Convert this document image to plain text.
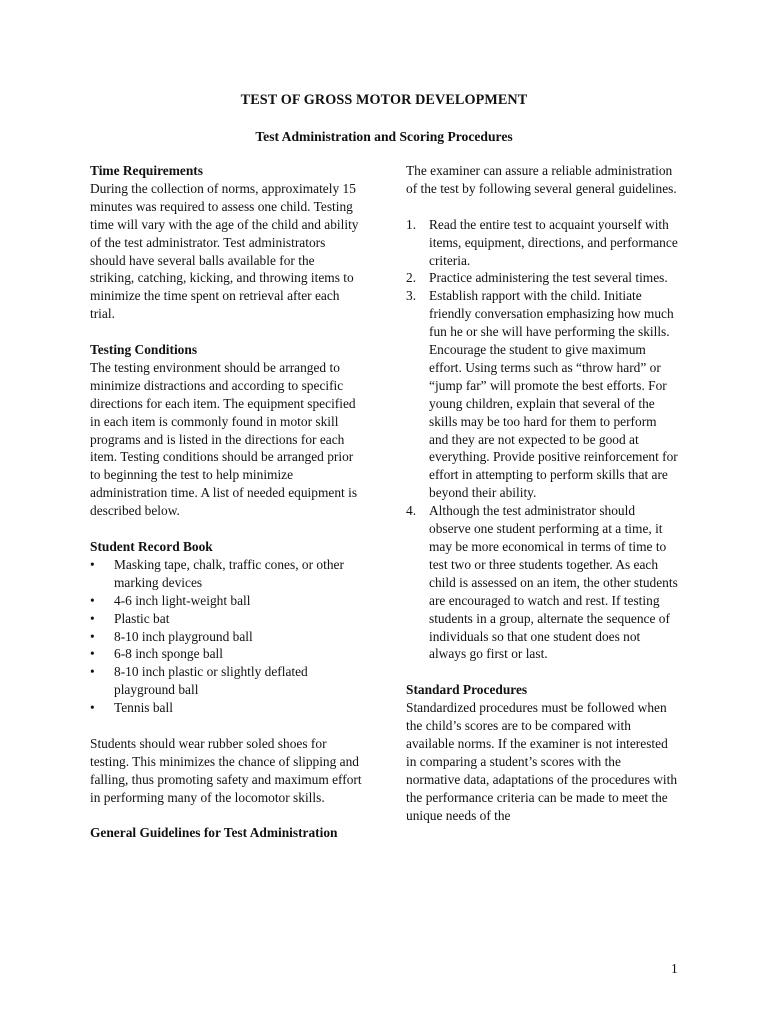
TEST OF GROSS MOTOR DEVELOPMENT
Test Administration and Scoring Procedures

Time Requirements

During the collection of norms, approximately 15 minutes was required to assess one child. Testing time will vary with the age of the child and ability of the test administrator. Test administrators should have several balls available for the striking, catching, kicking, and throwing items to minimize the time spent on retrieval after each trial.

Testing Conditions

The testing environment should be arranged to minimize distractions and according to specific directions for each item. The equipment specified in each item is commonly found in motor skill programs and is listed in the directions for each item. Testing conditions should be arranged prior to beginning the test to help minimize administration time. A list of needed equipment is described below.

Student Record Book

•	Masking tape, chalk, traffic cones, or other marking devices
•	4-6 inch light-weight ball
•	Plastic bat
•	8-10 inch playground ball
•	6-8 inch sponge ball
•	8-10 inch plastic or slightly deflated playground ball
•	Tennis ball

Students should wear rubber soled shoes for testing. This minimizes the chance of slipping and falling, thus promoting safety and maximum effort in performing many of the locomotor skills.

General Guidelines for Test Administration

The examiner can assure a reliable administration of the test by following several general guidelines.

1. Read the entire test to acquaint yourself with items, equipment, directions, and performance criteria.
2. Practice administering the test several times.
3. Establish rapport with the child. Initiate friendly conversation emphasizing how much fun he or she will have performing the skills. Encourage the student to give maximum effort. Using terms such as “throw hard” or “jump far” will promote the best efforts. For young children, explain that several of the skills may be too hard for them to perform and they are not expected to be good at everything. Provide positive reinforcement for effort in attempting to perform skills that are beyond their ability.
4. Although the test administrator should observe one student performing at a time, it may be more economical in terms of time to test two or three students together. As each child is assessed on an item, the other students are encouraged to watch and rest. If testing students in a group, alternate the sequence of individuals so that one student does not always go first or last.

Standard Procedures

Standardized procedures must be followed when the child’s scores are to be compared with available norms. If the examiner is not interested in comparing a student’s scores with the normative data, adaptations of the procedures with the performance criteria can be made to meet the unique needs of the

1
